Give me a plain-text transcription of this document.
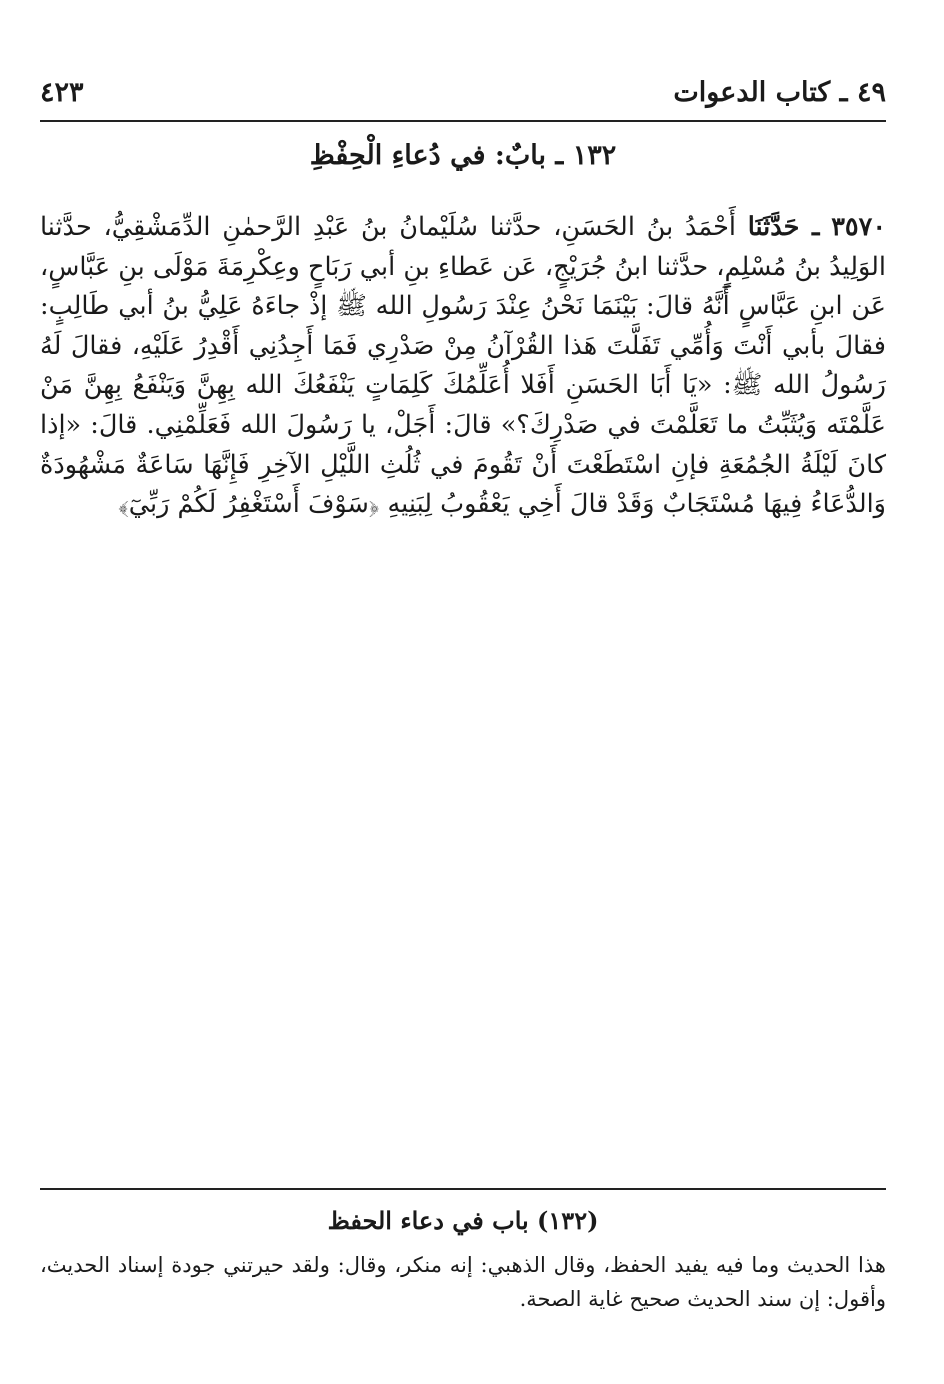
٤٩ ـ كتاب الدعوات
٤٢٣
١٣٢ ـ بابٌ: في دُعاءِ الْحِفْظِ

٣٥٧٠ ـ حَدَّثَنَا أَحْمَدُ بنُ الحَسَنِ، حدَّثنا سُلَيْمانُ بنُ عَبْدِ الرَّحمٰنِ الدِّمَشْقِيُّ، حدَّثنا الوَلِيدُ بنُ مُسْلِمٍ، حدَّثنا ابنُ جُرَيْجٍ، عَن عَطاءِ بنِ أبي رَبَاحٍ وعِكْرِمَةَ مَوْلَى بنِ عَبَّاسٍ، عَن ابنِ عَبَّاسٍ أَنَّهُ قالَ: بَيْنَمَا نَحْنُ عِنْدَ رَسُولِ الله ﷺ إذْ جاءَهُ عَلِيُّ بنُ أبي طَالِبٍ: فقالَ بأبي أَنْتَ وَأُمِّي تَفَلَّتَ هَذا القُرْآنُ مِنْ صَدْرِي فَمَا أَجِدُنِي أَقْدِرُ عَلَيْهِ، فقالَ لَهُ رَسُولُ الله ﷺ: «يَا أَبَا الحَسَنِ أَفَلا أُعَلِّمُكَ كَلِمَاتٍ يَنْفَعُكَ الله بِهِنَّ وَيَنْفَعُ بِهِنَّ مَنْ عَلَّمْتَه وَيُثَبِّتُ ما تَعَلَّمْتَ في صَدْرِكَ؟» قالَ: أَجَلْ، يا رَسُولَ الله فَعَلِّمْنِي. قالَ: «إذا كانَ لَيْلَةُ الجُمُعَةِ فإنِ اسْتَطَعْتَ أَنْ تَقُومَ في ثُلُثِ اللَّيْلِ الآخِرِ فَإِنَّهَا سَاعَةٌ مَشْهُودَةٌ وَالدُّعَاءُ فِيهَا مُسْتَجَابٌ وَقَدْ قالَ أَخِي يَعْقُوبُ لِبَنِيهِ ﴿سَوْفَ أَسْتَغْفِرُ لَكُمْ رَبِّيٓ﴾

(١٣٢) باب في دعاء الحفظ

هذا الحديث وما فيه يفيد الحفظ، وقال الذهبي: إنه منكر، وقال: ولقد حيرتني جودة إسناد الحديث، وأقول: إن سند الحديث صحيح غاية الصحة.
